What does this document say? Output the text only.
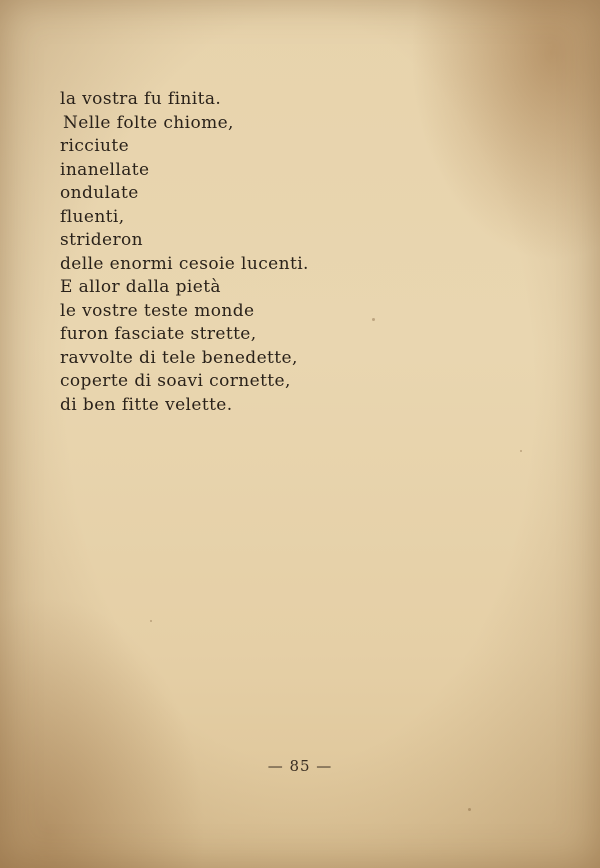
la vostra fu finita.
Nelle folte chiome,
ricciute
inanellate
ondulate
fluenti,
strideron
delle enormi cesoie lucenti.
E allor dalla pietà
le vostre teste monde
furon fasciate strette,
ravvolte di tele benedette,
coperte di soavi cornette,
di ben fitte velette.
— 85 —
